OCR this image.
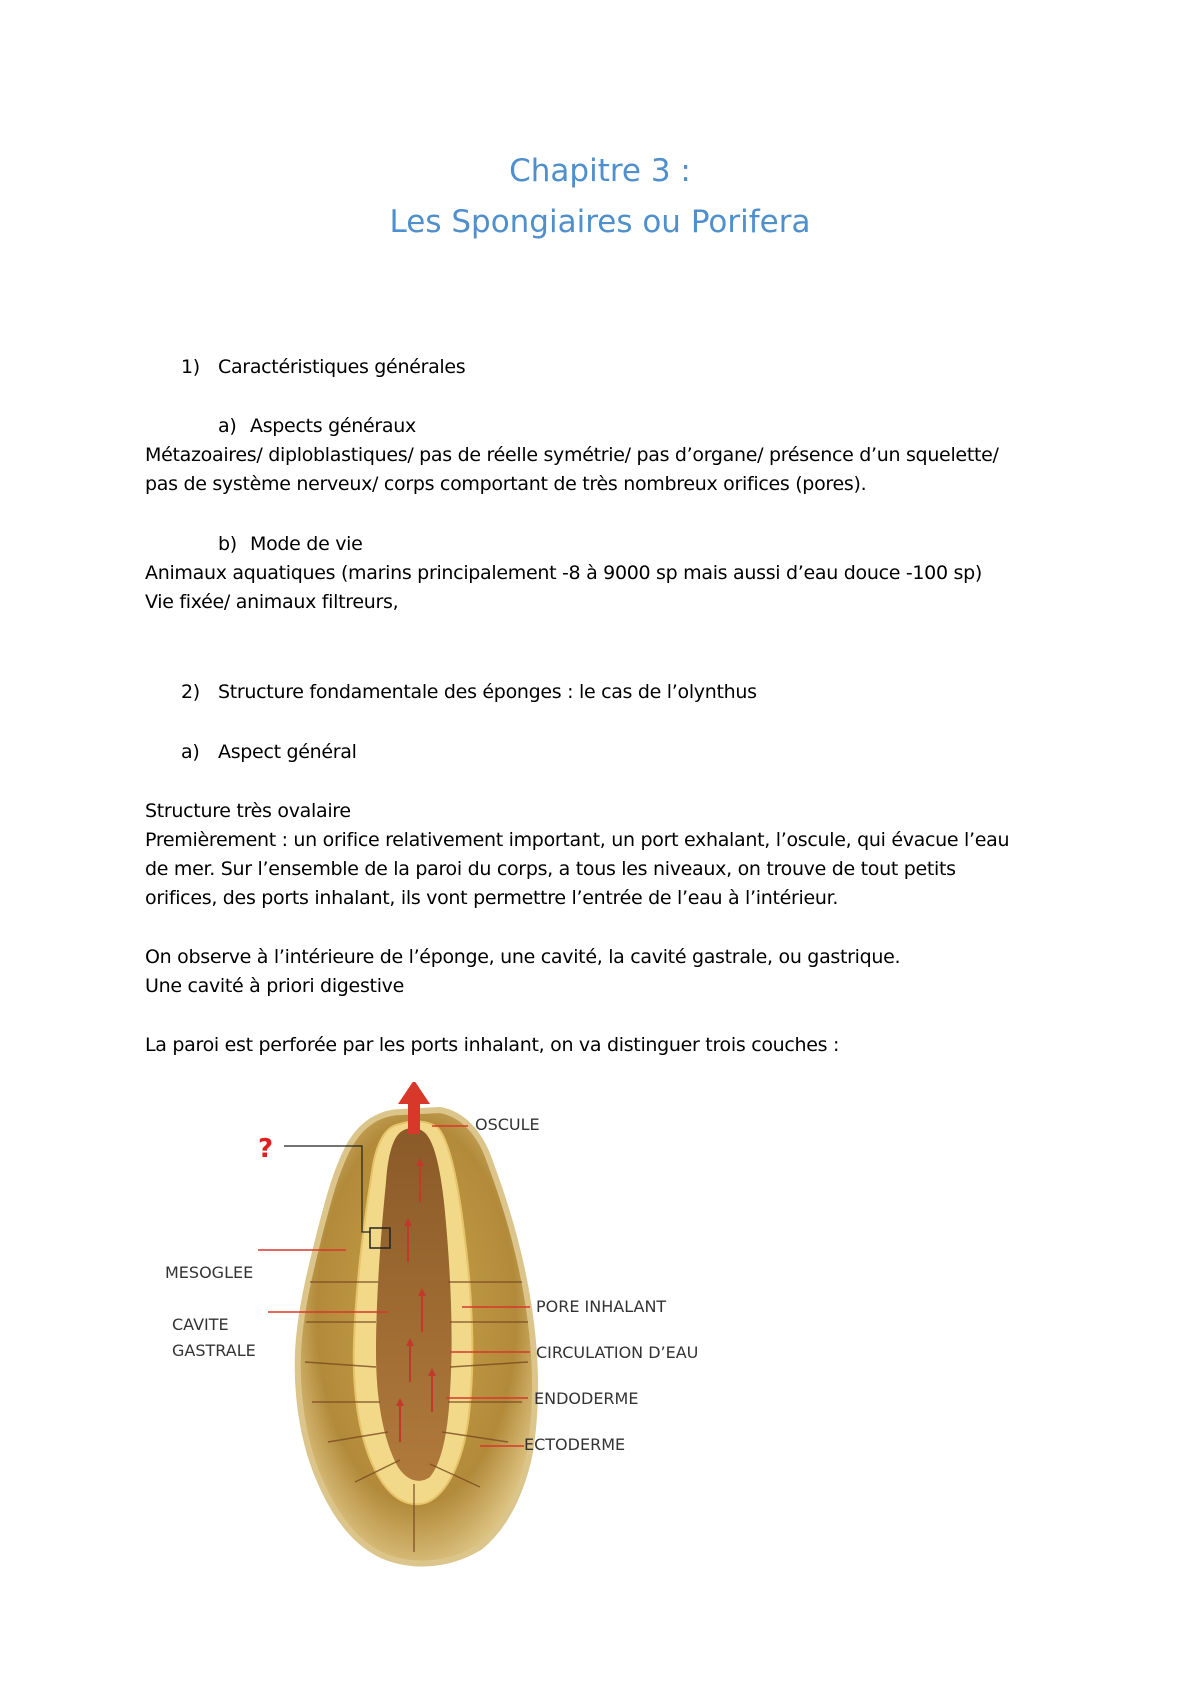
Chapitre 3 :
Les Spongiaires ou Porifera
1) Caractéristiques générales
a) Aspects généraux
Métazoaires/ diploblastiques/ pas de réelle symétrie/ pas d’organe/ présence d’un squelette/
pas de système nerveux/ corps comportant de très nombreux orifices (pores).
b) Mode de vie
Animaux aquatiques (marins principalement -8 à 9000 sp mais aussi d’eau douce -100 sp)
Vie fixée/ animaux filtreurs,
2) Structure fondamentale des éponges : le cas de l’olynthus
a) Aspect général
Structure très ovalaire
Premièrement : un orifice relativement important, un port exhalant, l’oscule, qui évacue l’eau
de mer. Sur l’ensemble de la paroi du corps, a tous les niveaux, on trouve de tout petits
orifices, des ports inhalant, ils vont permettre l’entrée de l’eau à l’intérieur.
On observe à l’intérieure de l’éponge, une cavité, la cavité gastrale, ou gastrique.
Une cavité à priori digestive
La paroi est perforée par les ports inhalant, on va distinguer trois couches :
?
OSCULE
MESOGLEE
CAVITE
GASTRALE
PORE INHALANT
CIRCULATION D’EAU
ENDODERME
ECTODERME
